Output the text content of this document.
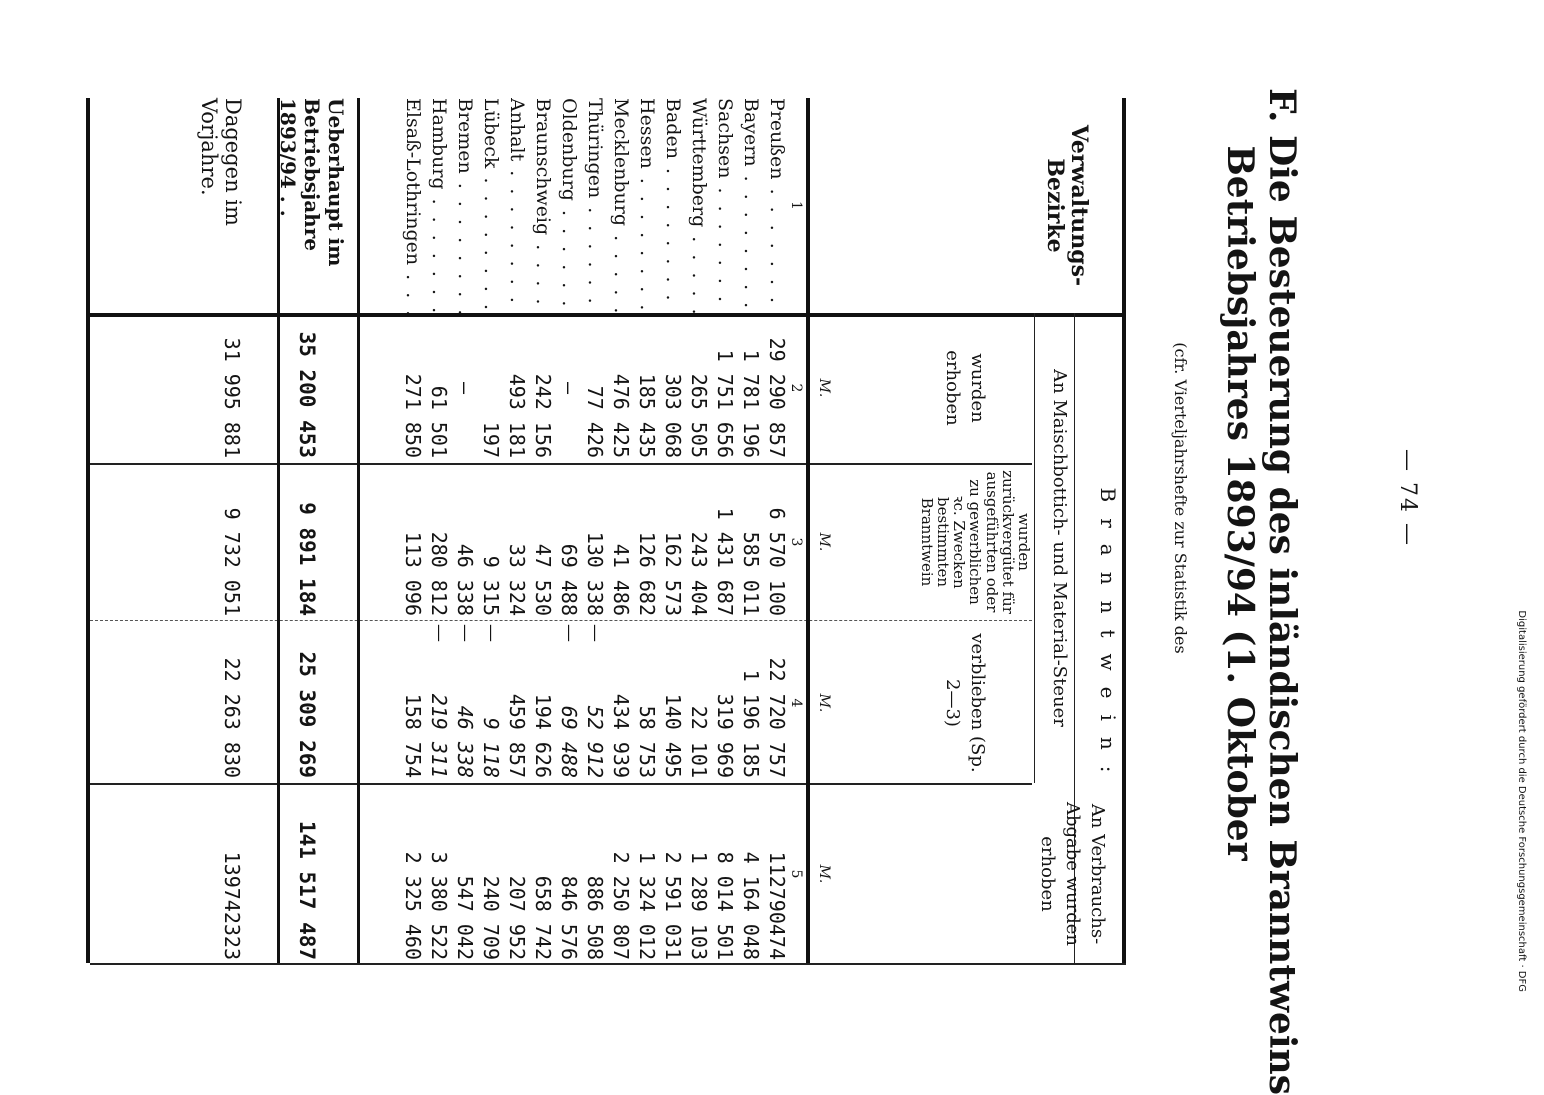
— 74 —
F. Die Besteuerung des inländischen Branntweins
Betriebsjahres 1893/94 (1. Oktober
(cfr. Vierteljahrshefte zur Statistik des
Verwaltungs-Bezirke
Branntwein:
An Maischbottich- und Material-Steuer
wurden erhoben
wurden zurückvergütet für ausgeführten oder zu gewerblichen ꝛc. Zwecken bestimmten Branntwein
verblieben (Sp. 2—3)
An Verbrauchs-Abgabe wurden erhoben
M.
M.
M.
M.
1
2
3
4
5
Preußen . . .
29 290 857
6 570 100
22 720 757
112790474
Bayern . . .
1 781 196
585 011
1 196 185
4 164 048
Sachsen . . .
1 751 656
1 431 687
319 969
8 014 501
Württemberg . . .
265 505
243 404
22 101
1 289 103
Baden . . .
303 068
162 573
140 495
2 591 031
Hessen . . .
185 435
126 682
58 753
1 324 012
Mecklenburg . . .
476 425
41 486
434 939
2 250 807
Thüringen . . .
77 426
130 338
—
52 912
886 508
Oldenburg . . .
—
69 488
—
69 488
846 576
Braunschweig . . .
242 156
47 530
194 626
658 742
Anhalt . . .
493 181
33 324
459 857
207 952
Lübeck . . .
197
9 315
—
9 118
240 709
Bremen . . .
—
46 338
—
46 338
547 042
Hamburg . . .
61 501
280 812
—
219 311
3 380 522
Elsaß-Lothringen . . .
271 850
113 096
158 754
2 325 460
Ueberhaupt im Betriebsjahre 1893/94 . .
35 200 453
9 891 184
25 309 269
141 517 487
Dagegen im Vorjahre.
31 995 881
9 732 051
22 263 830
139742323	Digitalisierung gefördert durch die Deutsche Forschungsgemeinschaft · DFG
